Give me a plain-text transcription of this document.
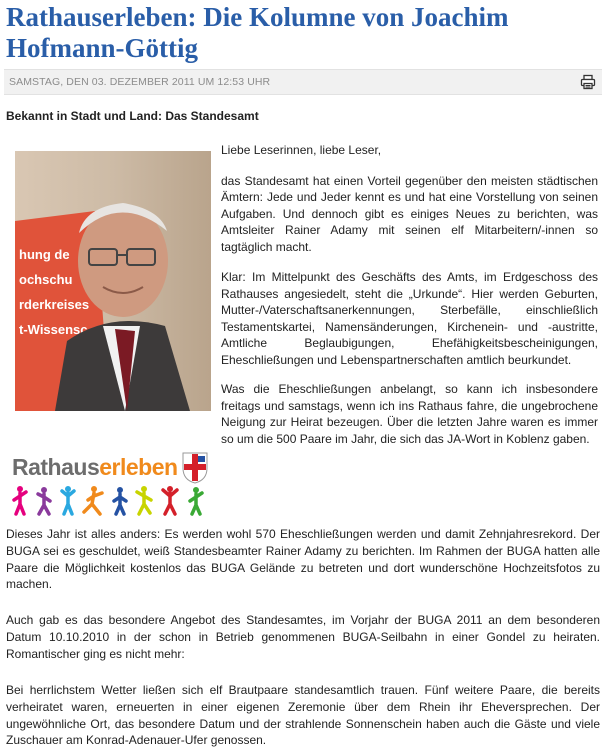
Rathauserleben: Die Kolumne von Joachim Hofmann-Göttig
SAMSTAG, DEN 03. DEZEMBER 2011 UM 12:53 UHR
Bekannt in Stadt und Land: Das Standesamt
hung de
ochschu
rderkreises
t-Wissensc
Rathauserleben

Liebe Leserinnen, liebe Leser,

das Standesamt hat einen Vorteil gegenüber den meisten städtischen Ämtern: Jede und Jeder kennt es und hat eine Vorstellung von seinen Aufgaben. Und dennoch gibt es einiges Neues zu berichten, was Amtsleiter Rainer Adamy mit seinen elf Mitarbeitern/-innen so tagtäglich macht.

Klar: Im Mittelpunkt des Geschäfts des Amts, im Erdgeschoss des Rathauses angesiedelt, steht die „Urkunde“. Hier werden Geburten, Mutter-/Vaterschaftsanerkennungen, Sterbefälle, einschließlich Testamentskartei, Namensänderungen, Kirchenein- und -austritte, Amtliche Beglaubigungen, Ehefähigkeitsbescheinigungen, Eheschließungen und Lebenspartnerschaften amtlich beurkundet.

Was die Eheschließungen anbelangt, so kann ich insbesondere freitags und samstags, wenn ich ins Rathaus fahre, die ungebrochene Neigung zur Heirat bezeugen. Über die letzten Jahre waren es immer so um die 500 Paare im Jahr, die sich das JA-Wort in Koblenz gaben.

Dieses Jahr ist alles anders: Es werden wohl 570 Eheschließungen werden und damit Zehnjahresrekord. Der BUGA sei es geschuldet, weiß Standesbeamter Rainer Adamy zu berichten. Im Rahmen der BUGA hatten alle Paare die Möglichkeit kostenlos das BUGA Gelände zu betreten und dort wunderschöne Hochzeitsfotos zu machen.

Auch gab es das besondere Angebot des Standesamtes, im Vorjahr der BUGA 2011 an dem besonderen Datum 10.10.2010 in der schon in Betrieb genommenen BUGA-Seilbahn in einer Gondel zu heiraten. Romantischer ging es nicht mehr:

Bei herrlichstem Wetter ließen sich elf Brautpaare standesamtlich trauen. Fünf weitere Paare, die bereits verheiratet waren, erneuerten in einer eigenen Zeremonie über dem Rhein ihr Eheversprechen. Der ungewöhnliche Ort, das besondere Datum und der strahlende Sonnenschein haben auch die Gäste und viele Zuschauer am Konrad-Adenauer-Ufer genossen.
